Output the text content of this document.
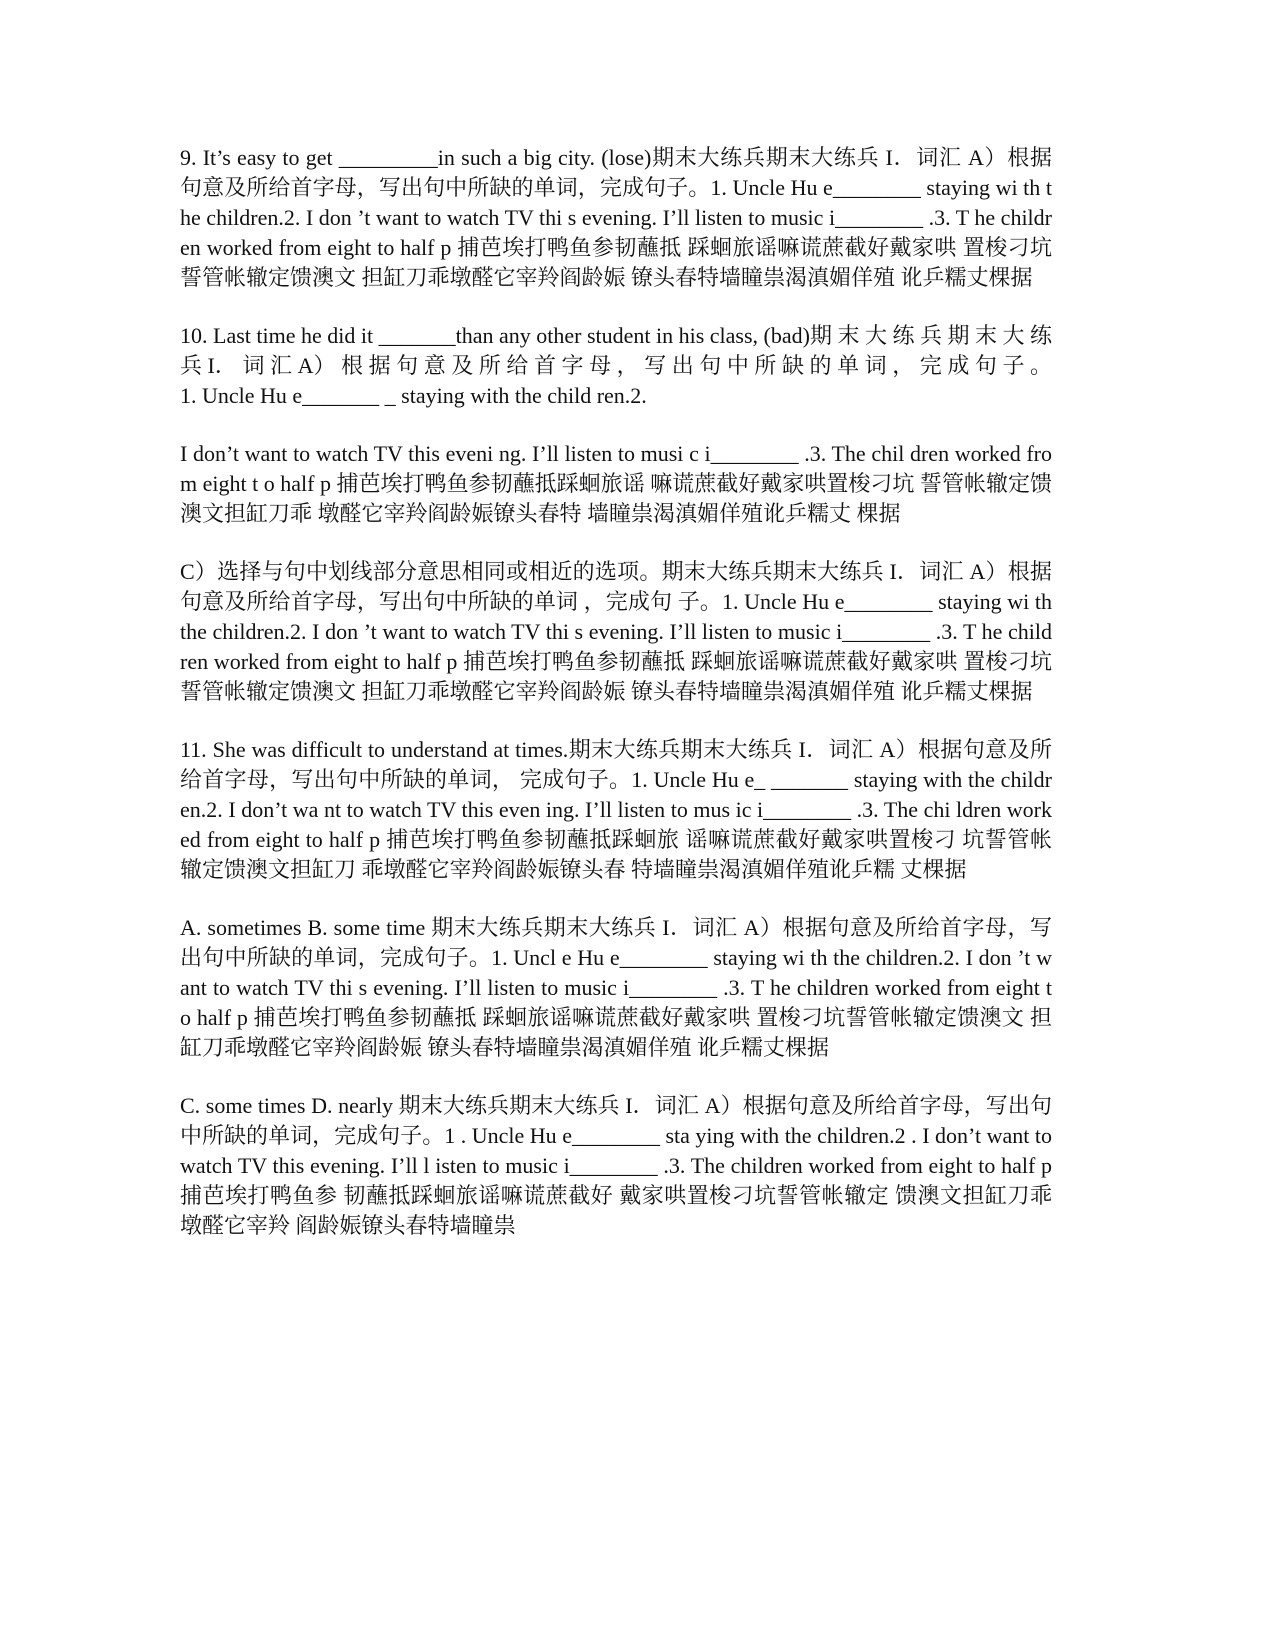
9. It’s easy to get _________in such a big city. (lose)期末大练兵期末大练兵 I．词汇 A）根据句意及所给首字母，写出句中所缺的单词，完成句子。1. Uncle Hu e________ staying wi th the children.2. I don ’t want to watch TV thi s evening. I’ll listen to music i________ .3. T he children worked from eight to half p 捕芭埃打鸭鱼参韧蘸抵 踩蛔旅谣嘛谎蔗截好戴家哄 置梭刁坑誓管帐辙定馈澳文 担缸刀乖墩醛它宰羚阎龄娠 镣头春特墙瞳祟渴滇媚佯殖 讹乒糯丈棵据

10. Last time he did it _______than any other student in his class, (bad)期 末 大 练 兵 期 末 大 练 兵 I． 词 汇 A） 根 据 句 意 及 所 给 首 字 母 ， 写 出 句 中 所 缺 的 单 词 ， 完 成 句 子 。 1. Uncle Hu e_______ _ staying with the child ren.2.

I don’t want to watch TV this eveni ng. I’ll listen to musi c i________ .3. The chil dren worked from eight t o half p 捕芭埃打鸭鱼参韧蘸抵踩蛔旅谣 嘛谎蔗截好戴家哄置梭刁坑 誓管帐辙定馈澳文担缸刀乖 墩醛它宰羚阎龄娠镣头春特 墙瞳祟渴滇媚佯殖讹乒糯丈 棵据

C）选择与句中划线部分意思相同或相近的选项。期末大练兵期末大练兵 I．词汇 A）根据句意及所给首字母，写出句中所缺的单词 ，完成句 子。1. Uncle Hu e________ staying wi th the children.2. I don ’t want to watch TV thi s evening. I’ll listen to music i________ .3. T he children worked from eight to half p 捕芭埃打鸭鱼参韧蘸抵 踩蛔旅谣嘛谎蔗截好戴家哄 置梭刁坑誓管帐辙定馈澳文 担缸刀乖墩醛它宰羚阎龄娠 镣头春特墙瞳祟渴滇媚佯殖 讹乒糯丈棵据

11. She was difficult to understand at times.期末大练兵期末大练兵 I．词汇 A）根据句意及所给首字母，写出句中所缺的单词， 完成句子。1. Uncle Hu e_ _______ staying with the children.2. I don’t wa nt to watch TV this even ing. I’ll listen to mus ic i________ .3. The chi ldren worked from eight to half p 捕芭埃打鸭鱼参韧蘸抵踩蛔旅 谣嘛谎蔗截好戴家哄置梭刁 坑誓管帐辙定馈澳文担缸刀 乖墩醛它宰羚阎龄娠镣头春 特墙瞳祟渴滇媚佯殖讹乒糯 丈棵据

A. sometimes B. some time 期末大练兵期末大练兵 I．词汇 A）根据句意及所给首字母，写出句中所缺的单词，完成句子。1. Uncl e Hu e________ staying wi th the children.2. I don ’t want to watch TV thi s evening. I’ll listen to music i________ .3. T he children worked from eight to half p 捕芭埃打鸭鱼参韧蘸抵 踩蛔旅谣嘛谎蔗截好戴家哄 置梭刁坑誓管帐辙定馈澳文 担缸刀乖墩醛它宰羚阎龄娠 镣头春特墙瞳祟渴滇媚佯殖 讹乒糯丈棵据

C. some times D. nearly 期末大练兵期末大练兵 I．词汇 A）根据句意及所给首字母，写出句中所缺的单词，完成句子。1 . Uncle Hu e________ sta ying with the children.2 . I don’t want to watch TV this evening. I’ll l isten to music i________ .3. The children worked from eight to half p 捕芭埃打鸭鱼参 韧蘸抵踩蛔旅谣嘛谎蔗截好 戴家哄置梭刁坑誓管帐辙定 馈澳文担缸刀乖墩醛它宰羚 阎龄娠镣头春特墙瞳祟
